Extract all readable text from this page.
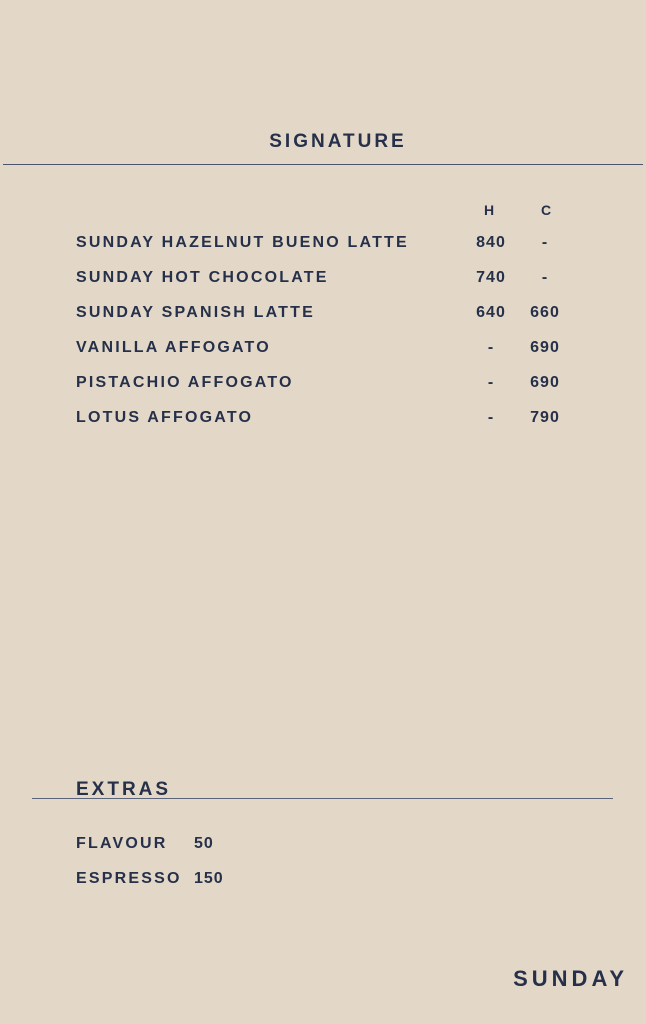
SIGNATURE
H	C
SUNDAY HAZELNUT BUENO LATTE	840	-
SUNDAY HOT CHOCOLATE	740	-
SUNDAY SPANISH LATTE	640	660
VANILLA AFFOGATO	-	690
PISTACHIO AFFOGATO	-	690
LOTUS AFFOGATO	-	790
EXTRAS
FLAVOUR 50
ESPRESSO 150
SUNDAY
